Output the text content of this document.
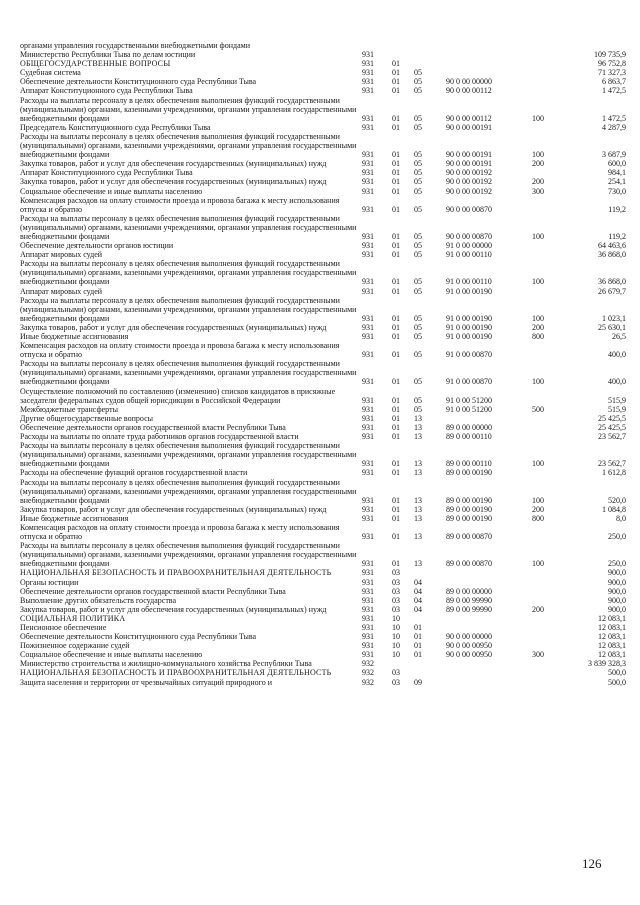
органами управления государственными внебюджетными фондами						
Министерство Республики Тыва по делам юстиции	931					109 735,9
ОБЩЕГОСУДАРСТВЕННЫЕ ВОПРОСЫ	931	01				96 752,8
Судебная система	931	01	05			71 327,3
Обеспечение деятельности Конституционного суда Республики Тыва	931	01	05	90 0 00 00000		6 863,7
Аппарат Конституционного суда Республики Тыва	931	01	05	90 0 00 00112		1 472,5
Расходы на выплаты персоналу в целях обеспечения выполнения функций государственными (муниципальными) органами, казенными учреждениями, органами управления государственными внебюджетными фондами	931	01	05	90 0 00 00112	100	1 472,5
Председатель Конституционного суда Республики Тыва	931	01	05	90 0 00 00191		4 287,9
Расходы на выплаты персоналу в целях обеспечения выполнения функций государственными (муниципальными) органами, казенными учреждениями, органами управления государственными внебюджетными фондами	931	01	05	90 0 00 00191	100	3 687,9
Закупка товаров, работ и услуг для обеспечения государственных (муниципальных) нужд	931	01	05	90 0 00 00191	200	600,0
Аппарат Конституционного суда Республики Тыва	931	01	05	90 0 00 00192		984,1
Закупка товаров, работ и услуг для обеспечения государственных (муниципальных) нужд	931	01	05	90 0 00 00192	200	254,1
Социальное обеспечение и иные выплаты населению	931	01	05	90 0 00 00192	300	730,0
Компенсация расходов на оплату стоимости проезда и провоза багажа к месту использования отпуска и обратно	931	01	05	90 0 00 00870		119,2
Расходы на выплаты персоналу в целях обеспечения выполнения функций государственными (муниципальными) органами, казенными учреждениями, органами управления государственными внебюджетными фондами	931	01	05	90 0 00 00870	100	119,2
Обеспечение деятельности органов юстиции	931	01	05	91 0 00 00000		64 463,6
Аппарат мировых судей	931	01	05	91 0 00 00110		36 868,0
Расходы на выплаты персоналу в целях обеспечения выполнения функций государственными (муниципальными) органами, казенными учреждениями, органами управления государственными внебюджетными фондами	931	01	05	91 0 00 00110	100	36 868,0
Аппарат мировых судей	931	01	05	91 0 00 00190		26 679,7
Расходы на выплаты персоналу в целях обеспечения выполнения функций государственными (муниципальными) органами, казенными учреждениями, органами управления государственными внебюджетными фондами	931	01	05	91 0 00 00190	100	1 023,1
Закупка товаров, работ и услуг для обеспечения государственных (муниципальных) нужд	931	01	05	91 0 00 00190	200	25 630,1
Иные бюджетные ассигнования	931	01	05	91 0 00 00190	800	26,5
Компенсация расходов на оплату стоимости проезда и провоза багажа к месту использования отпуска и обратно	931	01	05	91 0 00 00870		400,0
Расходы на выплаты персоналу в целях обеспечения выполнения функций государственными (муниципальными) органами, казенными учреждениями, органами управления государственными внебюджетными фондами	931	01	05	91 0 00 00870	100	400,0
Осуществление полномочий по составлению (изменению) списков кандидатов в присяжные заседатели федеральных судов общей юрисдикции в Российской Федерации	931	01	05	91 0 00 51200		515,9
Межбюджетные трансферты	931	01	05	91 0 00 51200	500	515,9
Другие общегосударственные вопросы	931	01	13			25 425,5
Обеспечение деятельности органов государственной власти Республики Тыва	931	01	13	89 0 00 00000		25 425,5
Расходы на выплаты по оплате труда работников органов государственной власти	931	01	13	89 0 00 00110		23 562,7
Расходы на выплаты персоналу в целях обеспечения выполнения функций государственными (муниципальными) органами, казенными учреждениями, органами управления государственными внебюджетными фондами	931	01	13	89 0 00 00110	100	23 562,7
Расходы на обеспечение функций органов государственной власти	931	01	13	89 0 00 00190		1 612,8
Расходы на выплаты персоналу в целях обеспечения выполнения функций государственными (муниципальными) органами, казенными учреждениями, органами управления государственными внебюджетными фондами	931	01	13	89 0 00 00190	100	520,0
Закупка товаров, работ и услуг для обеспечения государственных (муниципальных) нужд	931	01	13	89 0 00 00190	200	1 084,8
Иные бюджетные ассигнования	931	01	13	89 0 00 00190	800	8,0
Компенсация расходов на оплату стоимости проезда и провоза багажа к месту использования отпуска и обратно	931	01	13	89 0 00 00870		250,0
Расходы на выплаты персоналу в целях обеспечения выполнения функций государственными (муниципальными) органами, казенными учреждениями, органами управления государственными внебюджетными фондами	931	01	13	89 0 00 00870	100	250,0
НАЦИОНАЛЬНАЯ БЕЗОПАСНОСТЬ И ПРАВООХРАНИТЕЛЬНАЯ ДЕЯТЕЛЬНОСТЬ	931	03				900,0
Органы юстиции	931	03	04			900,0
Обеспечение деятельности органов государственной власти Республики Тыва	931	03	04	89 0 00 00000		900,0
Выполнение других обязательств государства	931	03	04	89 0 00 99990		900,0
Закупка товаров, работ и услуг для обеспечения государственных (муниципальных) нужд	931	03	04	89 0 00 99990	200	900,0
СОЦИАЛЬНАЯ ПОЛИТИКА	931	10				12 083,1
Пенсионное обеспечение	931	10	01			12 083,1
Обеспечение деятельности Конституционного суда Республики Тыва	931	10	01	90 0 00 00000		12 083,1
Пожизненное содержание судей	931	10	01	90 0 00 00950		12 083,1
Социальное обеспечение и иные выплаты населению	931	10	01	90 0 00 00950	300	12 083,1
Министерство строительства и жилищно-коммунального хозяйства Республики Тыва	932					3 839 328,3
НАЦИОНАЛЬНАЯ БЕЗОПАСНОСТЬ И ПРАВООХРАНИТЕЛЬНАЯ ДЕЯТЕЛЬНОСТЬ	932	03				500,0
Защита населения и территории от чрезвычайных ситуаций природного и	932	03	09			500,0
126
